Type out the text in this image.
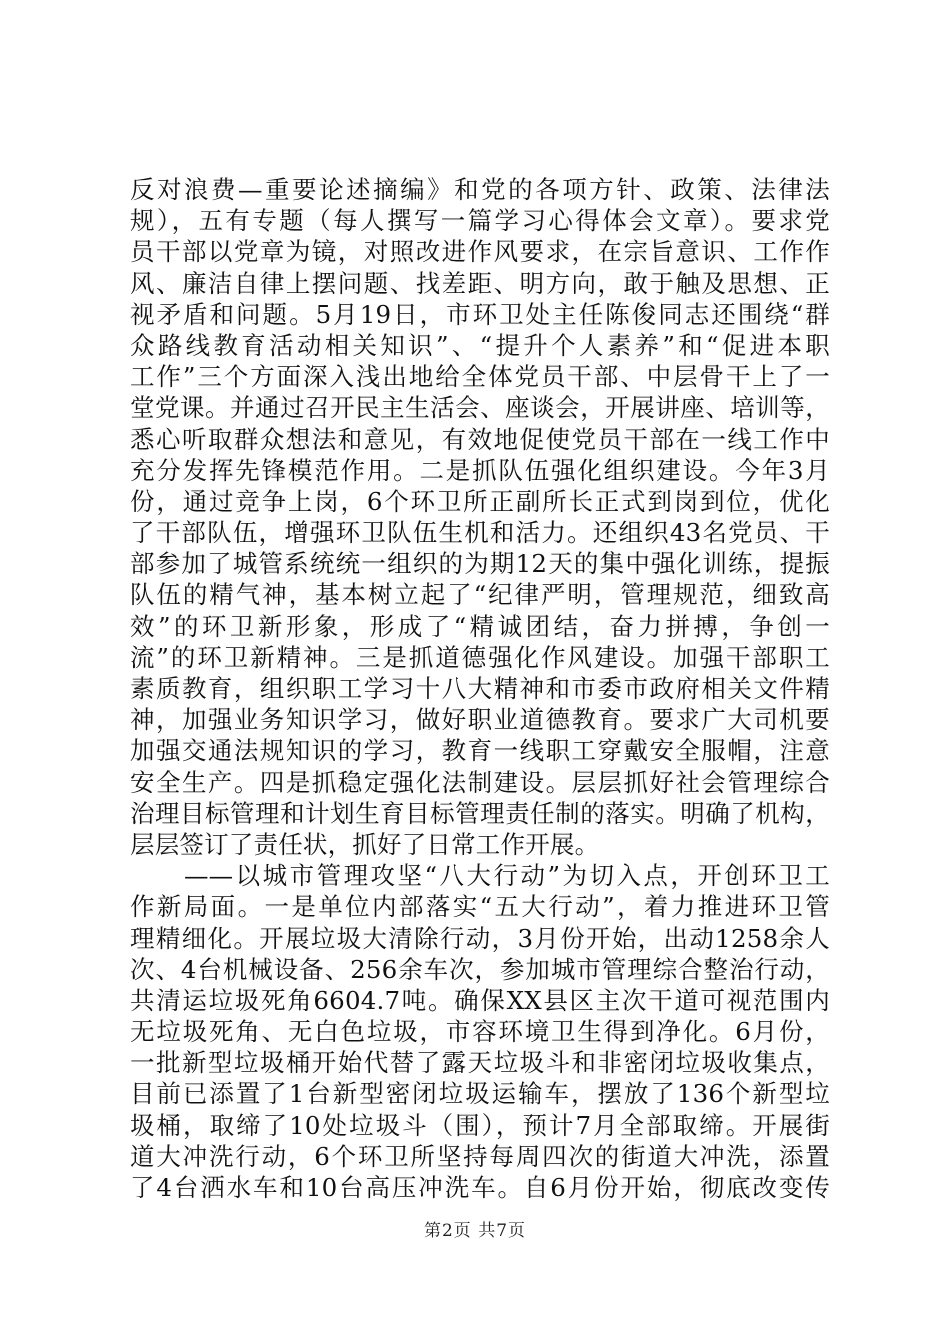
反对浪费—重要论述摘编》和党的各项方针、政策、法律法
规），五有专题（每人撰写一篇学习心得体会文章）。要求党
员干部以党章为镜，对照改进作风要求，在宗旨意识、工作作
风、廉洁自律上摆问题、找差距、明方向，敢于触及思想、正
视矛盾和问题。5月19日，市环卫处主任陈俊同志还围绕“群
众路线教育活动相关知识”、“提升个人素养”和“促进本职
工作”三个方面深入浅出地给全体党员干部、中层骨干上了一
堂党课。并通过召开民主生活会、座谈会，开展讲座、培训等，
悉心听取群众想法和意见，有效地促使党员干部在一线工作中
充分发挥先锋模范作用。二是抓队伍强化组织建设。今年3月
份，通过竞争上岗，6个环卫所正副所长正式到岗到位，优化
了干部队伍，增强环卫队伍生机和活力。还组织43名党员、干
部参加了城管系统统一组织的为期12天的集中强化训练，提振
队伍的精气神，基本树立起了“纪律严明，管理规范，细致高
效”的环卫新形象，形成了“精诚团结，奋力拼搏，争创一
流”的环卫新精神。三是抓道德强化作风建设。加强干部职工
素质教育，组织职工学习十八大精神和市委市政府相关文件精
神，加强业务知识学习，做好职业道德教育。要求广大司机要
加强交通法规知识的学习，教育一线职工穿戴安全服帽，注意
安全生产。四是抓稳定强化法制建设。层层抓好社会管理综合
治理目标管理和计划生育目标管理责任制的落实。明确了机构，
层层签订了责任状，抓好了日常工作开展。
　　——以城市管理攻坚“八大行动”为切入点，开创环卫工
作新局面。一是单位内部落实“五大行动”，着力推进环卫管
理精细化。开展垃圾大清除行动，3月份开始，出动1258余人
次、4台机械设备、256余车次，参加城市管理综合整治行动，
共清运垃圾死角6604.7吨。确保XX县区主次干道可视范围内
无垃圾死角、无白色垃圾，市容环境卫生得到净化。6月份，
一批新型垃圾桶开始代替了露天垃圾斗和非密闭垃圾收集点，
目前已添置了1台新型密闭垃圾运输车，摆放了136个新型垃
圾桶，取缔了10处垃圾斗（围），预计7月全部取缔。开展街
道大冲洗行动，6个环卫所坚持每周四次的街道大冲洗，添置
了4台洒水车和10台高压冲洗车。自6月份开始，彻底改变传
第2页 共7页
